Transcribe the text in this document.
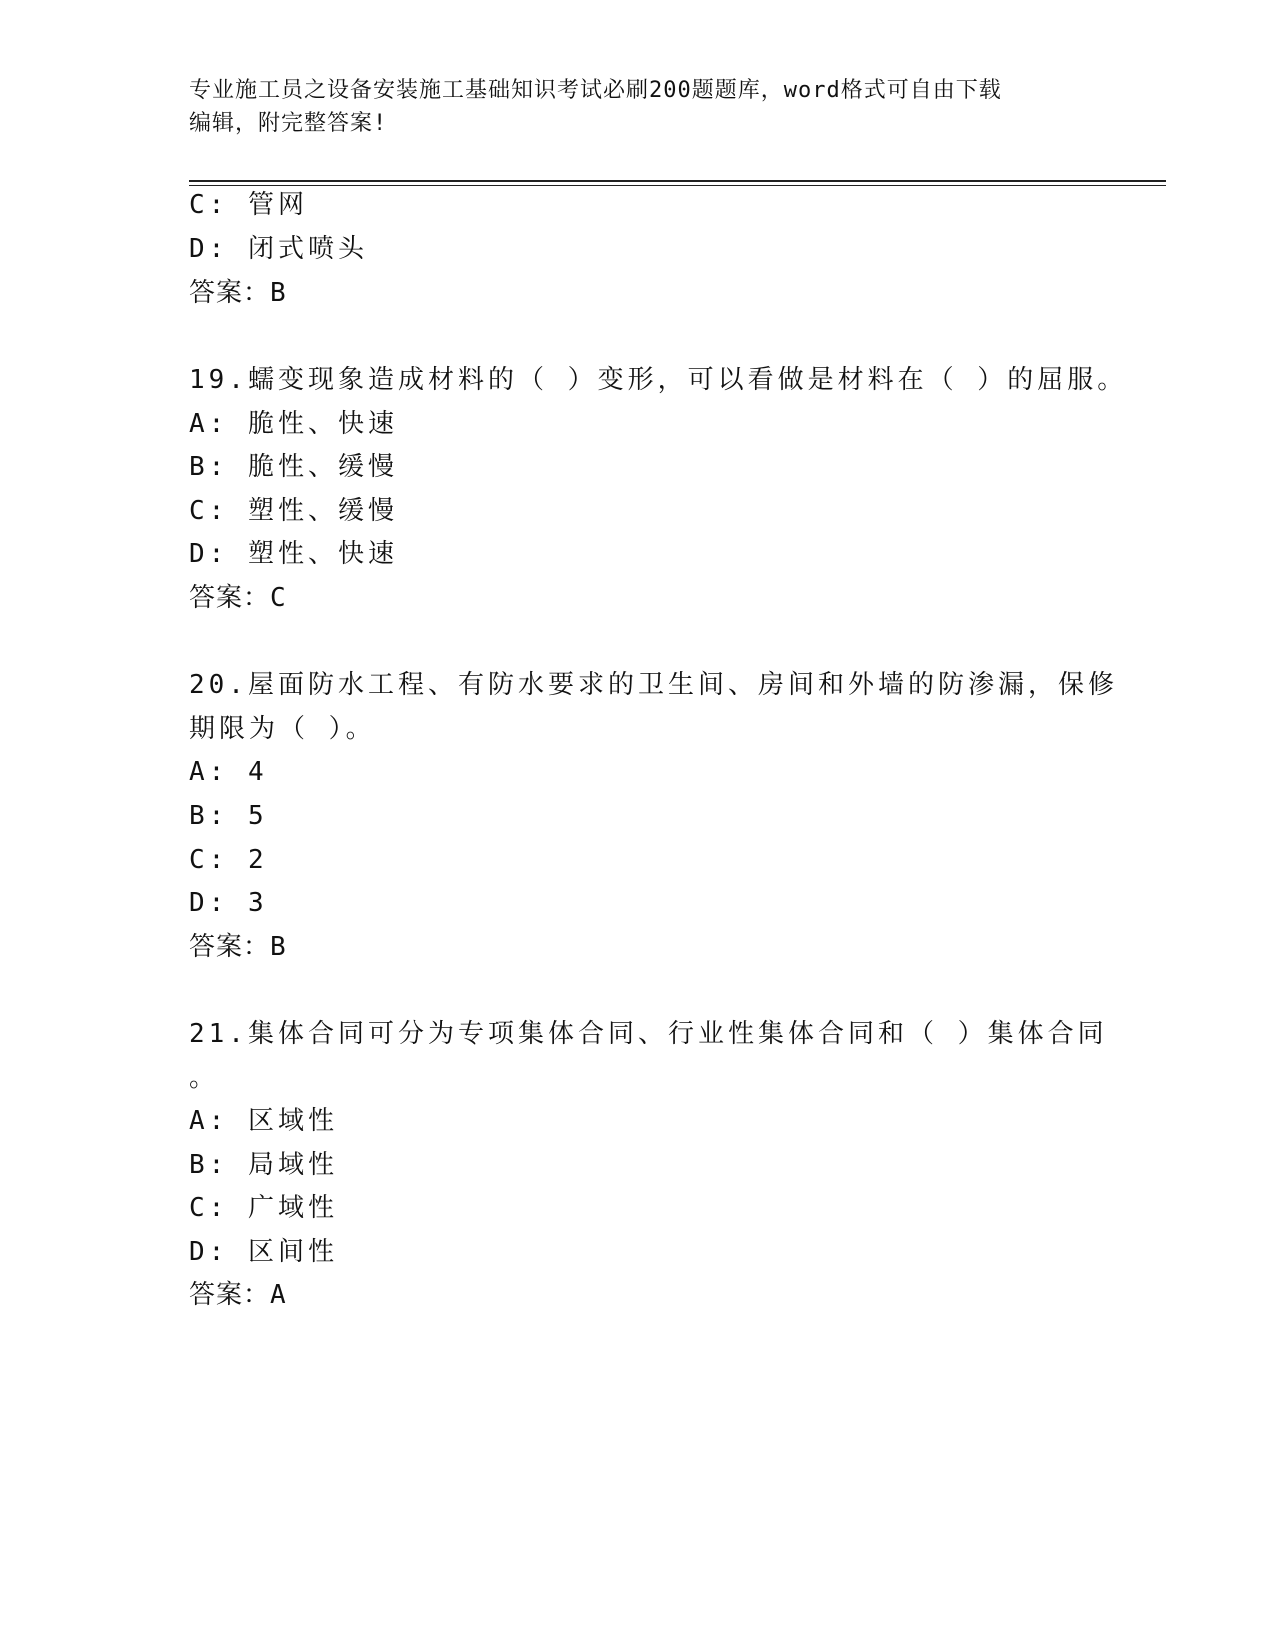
专业施工员之设备安装施工基础知识考试必刷200题题库，word格式可自由下载
编辑，附完整答案!
C: 管网
D: 闭式喷头
答案：B
19.蠕变现象造成材料的（ ）变形，可以看做是材料在（ ）的屈服。
A: 脆性、快速
B: 脆性、缓慢
C: 塑性、缓慢
D: 塑性、快速
答案：C
20.屋面防水工程、有防水要求的卫生间、房间和外墙的防渗漏，保修
期限为（ ）。
A: 4
B: 5
C: 2
D: 3
答案：B
21.集体合同可分为专项集体合同、行业性集体合同和（ ）集体合同
。
A: 区域性
B: 局域性
C: 广域性
D: 区间性
答案：A
